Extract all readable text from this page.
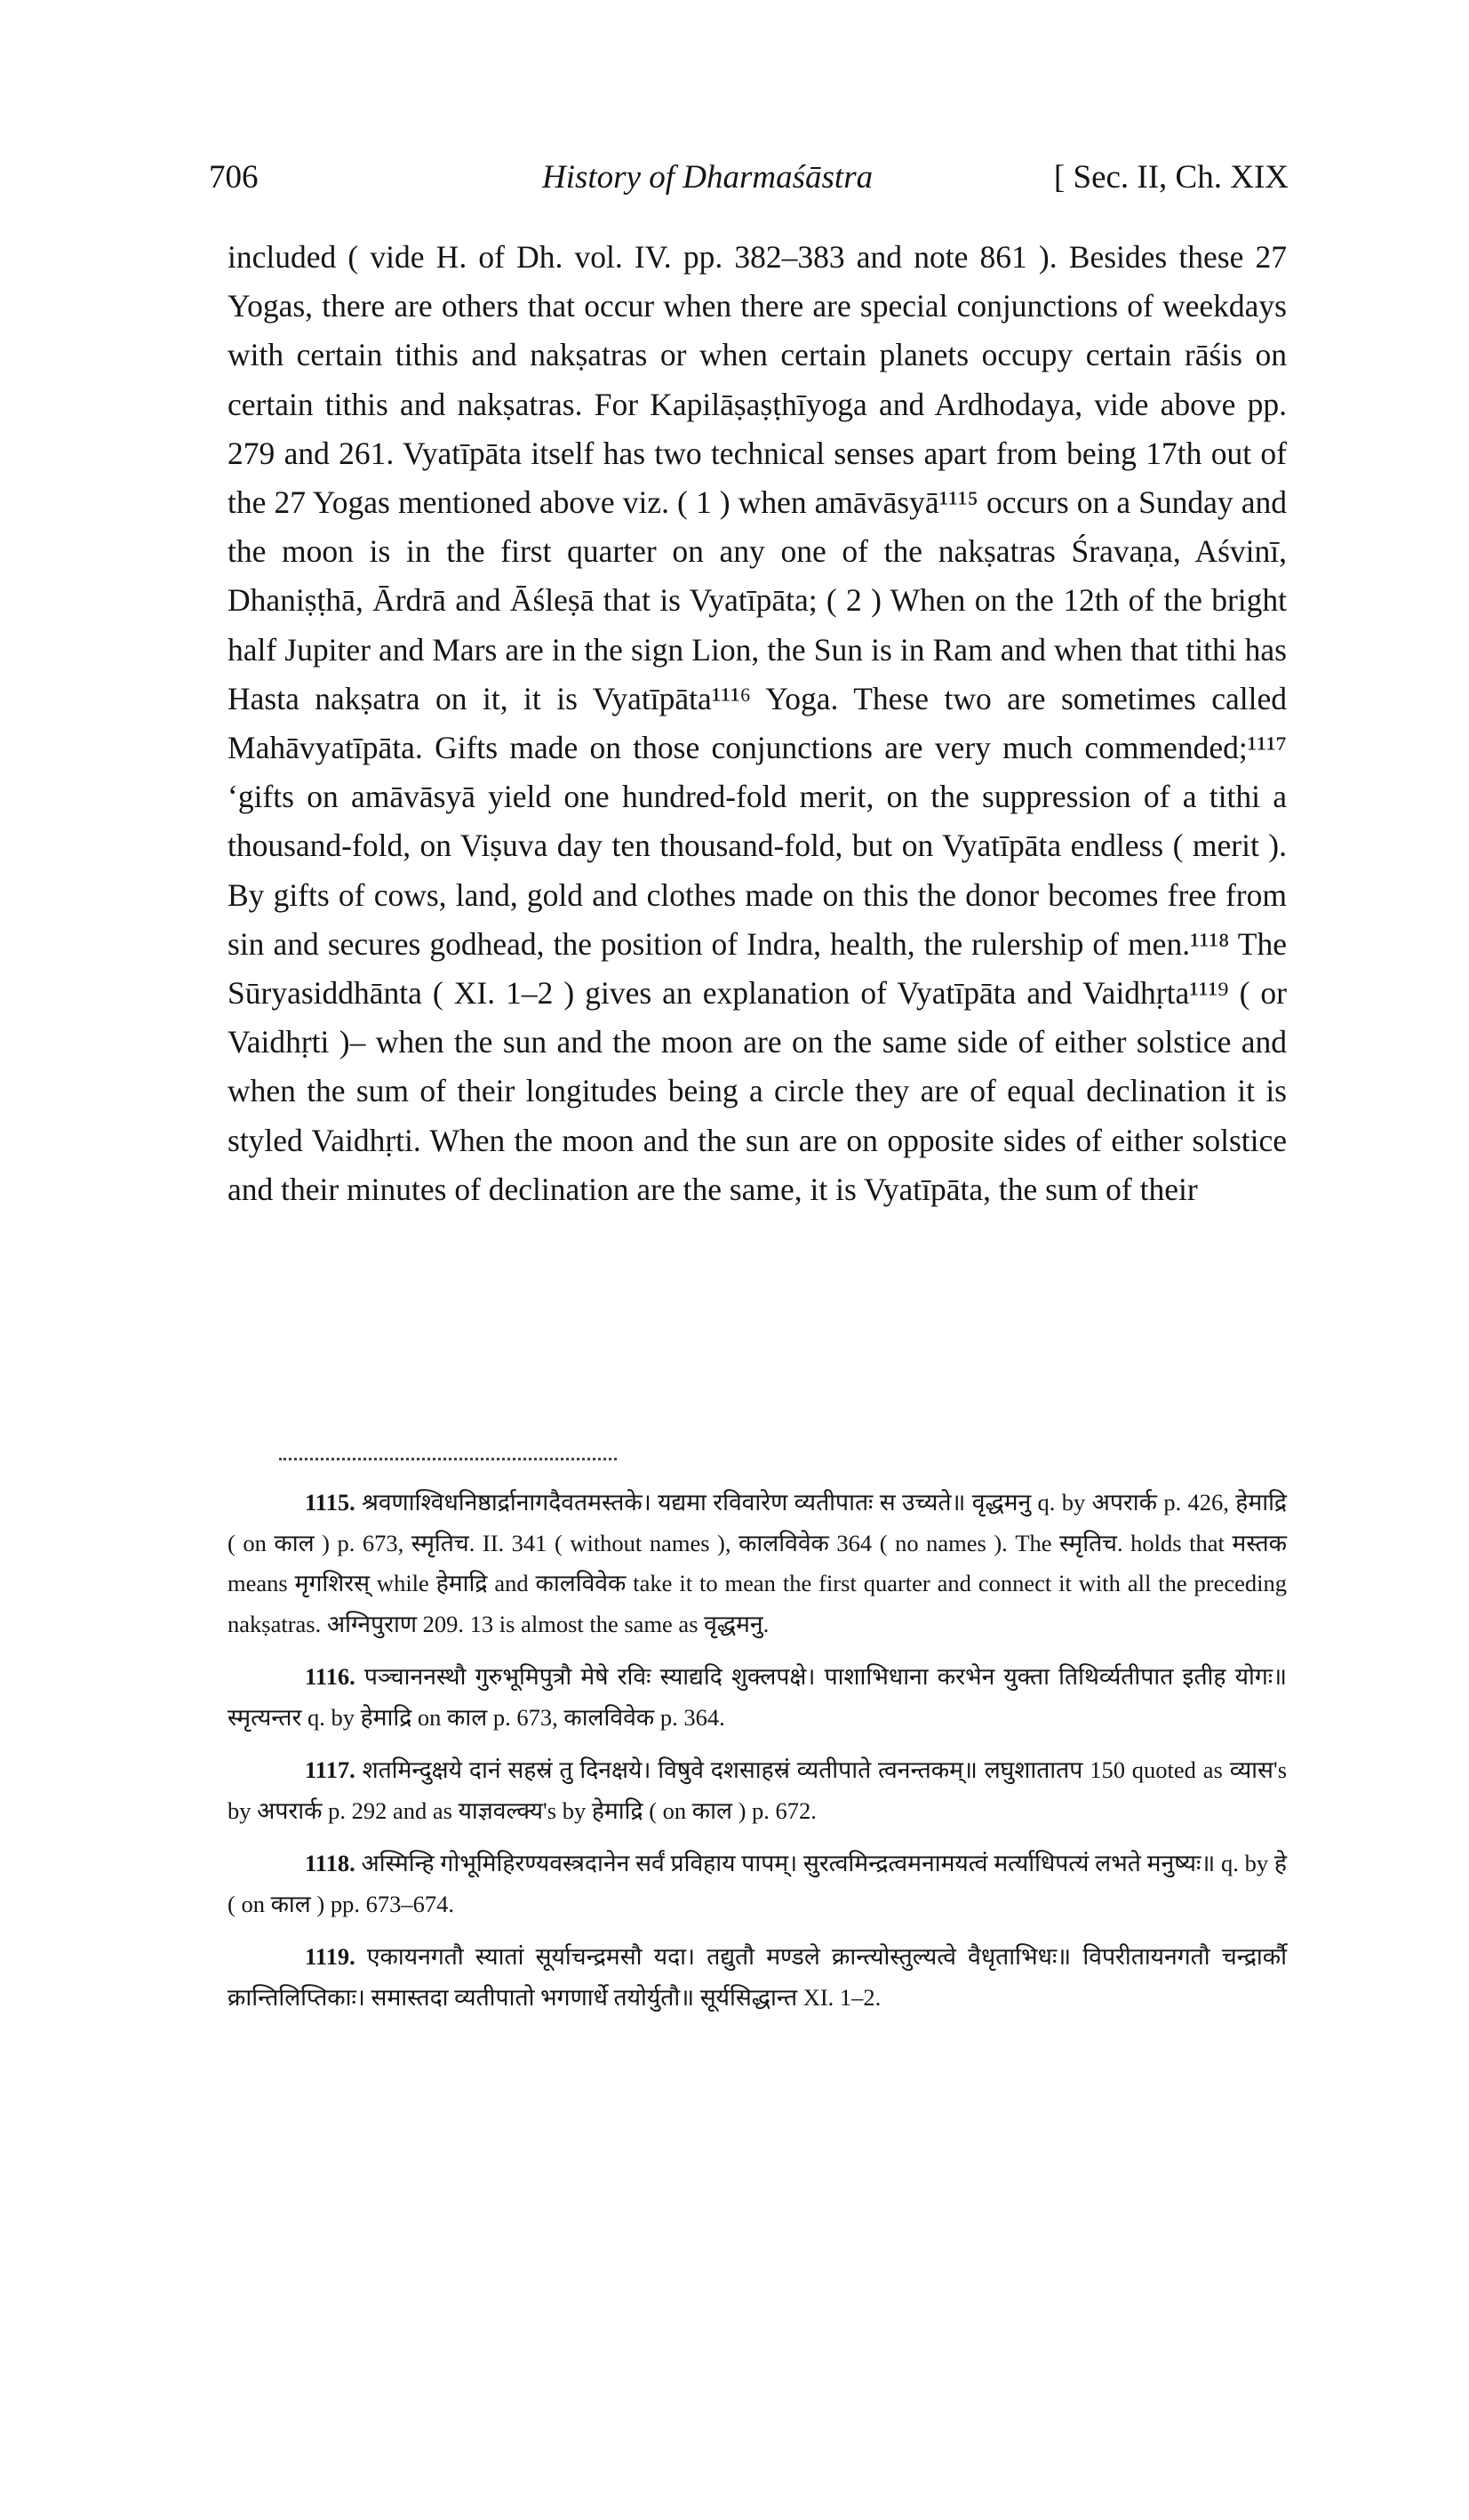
706	History of Dharmaśāstra	[ Sec. II, Ch. XIX

included ( vide H. of Dh. vol. IV. pp. 382–383 and note 861 ). Besides these 27 Yogas, there are others that occur when there are special conjunctions of weekdays with certain tithis and nakṣatras or when certain planets occupy certain rāśis on certain tithis and nakṣatras. For Kapilāṣaṣṭhīyoga and Ardhodaya, vide above pp. 279 and 261. Vyatīpāta itself has two technical senses apart from being 17th out of the 27 Yogas mentioned above viz. ( 1 ) when amāvāsyā¹¹¹⁵ occurs on a Sunday and the moon is in the first quarter on any one of the nakṣatras Śravaṇa, Aśvinī, Dhaniṣṭhā, Ārdrā and Āśleṣā that is Vyatīpāta; ( 2 ) When on the 12th of the bright half Jupiter and Mars are in the sign Lion, the Sun is in Ram and when that tithi has Hasta nakṣatra on it, it is Vyatīpāta¹¹¹⁶ Yoga. These two are sometimes called Mahāvyatīpāta. Gifts made on those conjunctions are very much commended;¹¹¹⁷ ‘gifts on amāvāsyā yield one hundred-fold merit, on the suppression of a tithi a thousand-fold, on Viṣuva day ten thousand-fold, but on Vyatīpāta endless ( merit ). By gifts of cows, land, gold and clothes made on this the donor becomes free from sin and secures godhead, the position of Indra, health, the rulership of men.¹¹¹⁸ The Sūryasiddhānta ( XI. 1–2 ) gives an explanation of Vyatīpāta and Vaidhṛta¹¹¹⁹ ( or Vaidhṛti )– when the sun and the moon are on the same side of either solstice and when the sum of their longitudes being a circle they are of equal declination it is styled Vaidhṛti. When the moon and the sun are on opposite sides of either solstice and their minutes of declination are the same, it is Vyatīpāta, the sum of their

1115. श्रवणाश्विधनिष्ठार्द्रानागदैवतमस्तके। यद्यमा रविवारेण व्यतीपातः स उच्यते॥ वृद्धमनु q. by अपरार्क p. 426, हेमाद्रि ( on काल ) p. 673, स्मृतिच. II. 341 ( without names ), कालविवेक 364 ( no names ). The स्मृतिच. holds that मस्तक means मृगशिरस् while हेमाद्रि and कालविवेक take it to mean the first quarter and connect it with all the preceding nakṣatras. अग्निपुराण 209. 13 is almost the same as वृद्धमनु.

1116. पञ्चाननस्थौ गुरुभूमिपुत्रौ मेषे रविः स्याद्यदि शुक्लपक्षे। पाशाभिधाना करभेन युक्ता तिथिर्व्यतीपात इतीह योगः॥ स्मृत्यन्तर q. by हेमाद्रि on काल p. 673, कालविवेक p. 364.

1117. शतमिन्दुक्षये दानं सहस्रं तु दिनक्षये। विषुवे दशसाहस्रं व्यतीपाते त्वनन्तकम्॥ लघुशातातप 150 quoted as व्यास's by अपरार्क p. 292 and as याज्ञवल्क्य's by हेमाद्रि ( on काल ) p. 672.

1118. अस्मिन्हि गोभूमिहिरण्यवस्त्रदानेन सर्वं प्रविहाय पापम्। सुरत्वमिन्द्रत्वमनामयत्वं मर्त्याधिपत्यं लभते मनुष्यः॥ q. by हे ( on काल ) pp. 673–674.

1119. एकायनगतौ स्यातां सूर्याचन्द्रमसौ यदा। तद्युतौ मण्डले क्रान्त्योस्तुल्यत्वे वैधृताभिधः॥ विपरीतायनगतौ चन्द्रार्कौ क्रान्तिलिप्तिकाः। समास्तदा व्यतीपातो भगणार्धे तयोर्युतौ॥ सूर्यसिद्धान्त XI. 1–2.
